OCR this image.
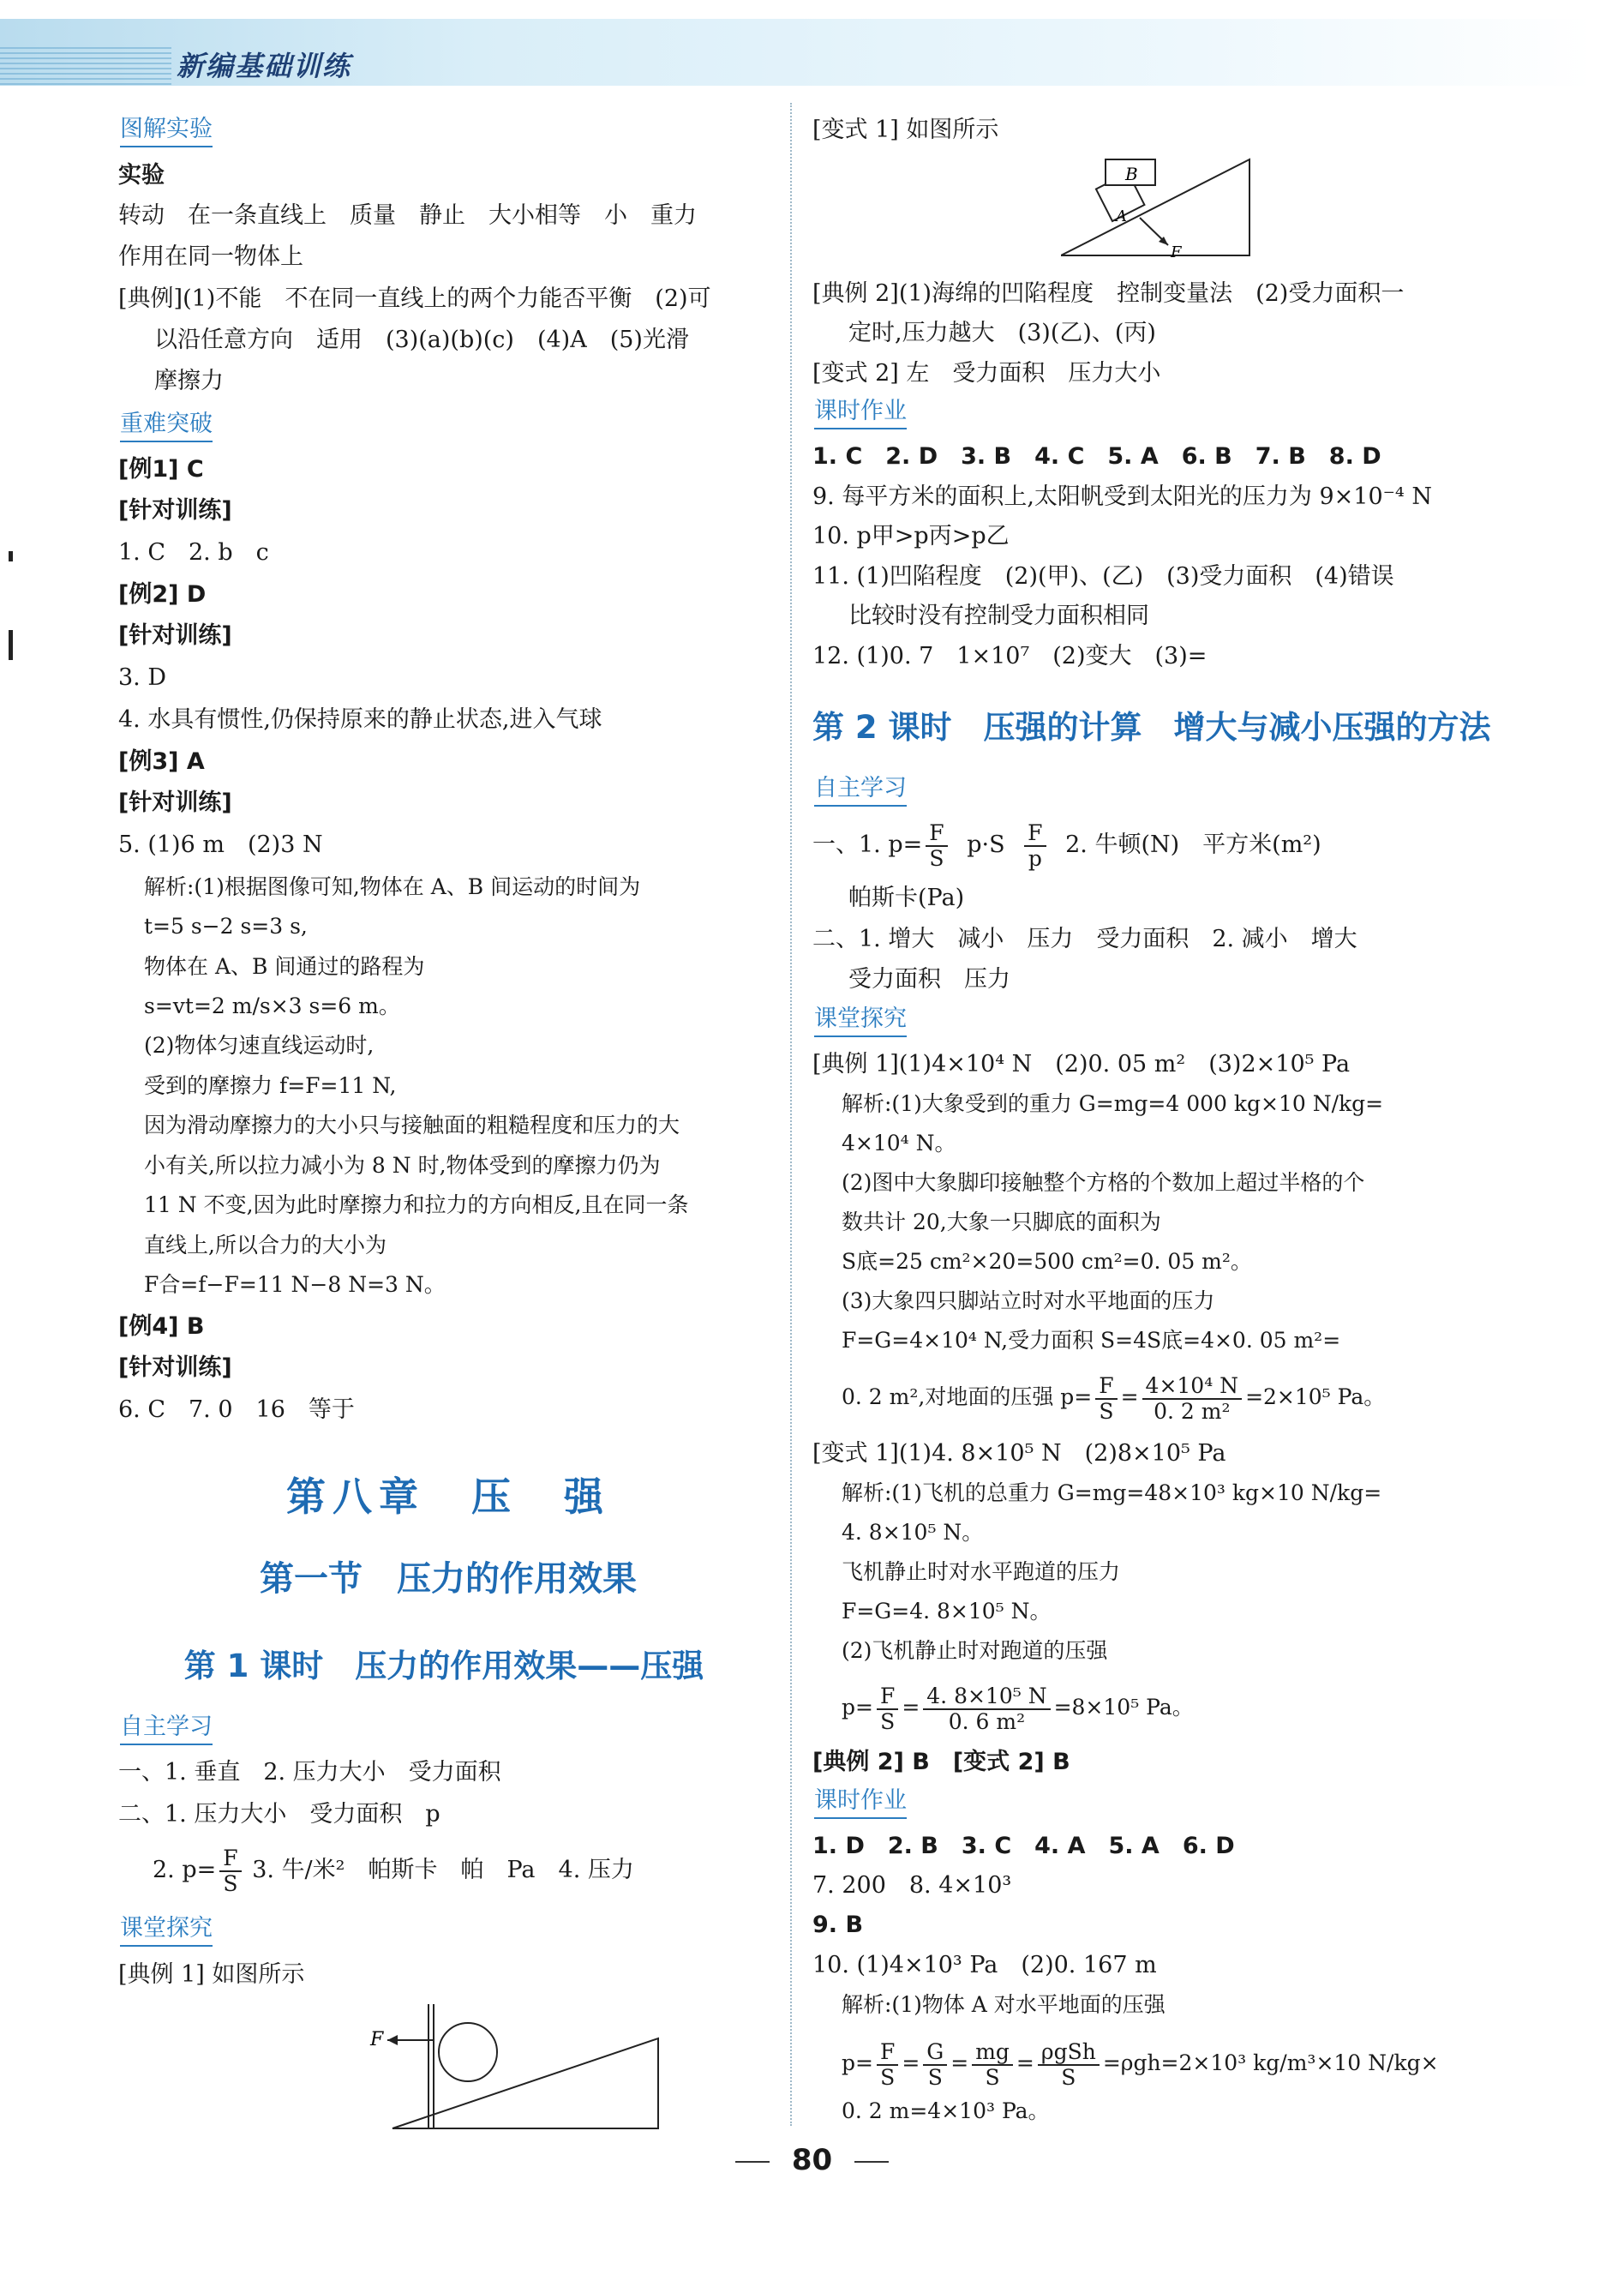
新编基础训练
图解实验
实验
转动　在一条直线上　质量　静止　大小相等　小　重力
作用在同一物体上
[典例](1)不能　不在同一直线上的两个力能否平衡　(2)可
以沿任意方向　适用　(3)(a)(b)(c)　(4)A　(5)光滑
摩擦力
重难突破
[例1] C
[针对训练]
1. C　2. b　c
[例2] D
[针对训练]
3. D
4. 水具有惯性,仍保持原来的静止状态,进入气球
[例3] A
[针对训练]
5. (1)6 m　(2)3 N
解析:(1)根据图像可知,物体在 A、B 间运动的时间为
t=5 s−2 s=3 s,
物体在 A、B 间通过的路程为
s=vt=2 m/s×3 s=6 m。
(2)物体匀速直线运动时,
受到的摩擦力 f=F=11 N,
因为滑动摩擦力的大小只与接触面的粗糙程度和压力的大
小有关,所以拉力减小为 8 N 时,物体受到的摩擦力仍为
11 N 不变,因为此时摩擦力和拉力的方向相反,且在同一条
直线上,所以合力的大小为
F合=f−F=11 N−8 N=3 N。
[例4] B
[针对训练]
6. C　7. 0　16　等于
第八章　压　强
第一节　压力的作用效果
第 1 课时　压力的作用效果——压强
自主学习
一、1. 垂直　2. 压力大小　受力面积
二、1. 压力大小　受力面积　p
2. $p= \frac{F}{S} 3$. 牛/米²　帕斯卡　帕　Pa　4. 压力
课堂探究
[典例 1] 如图所示
F
[变式 1] 如图所示
B
A
F
[典例 2](1)海绵的凹陷程度　控制变量法　(2)受力面积一
定时,压力越大　(3)(乙)、(丙)
[变式 2] 左　受力面积　压力大小
课时作业
1. C　2. D　3. B　4. C　5. A　6. B　7. B　8. D
9. 每平方米的面积上,太阳帆受到太阳光的压力为 9×10⁻⁴ N
10. p甲>p丙>p乙
11. (1)凹陷程度　(2)(甲)、(乙)　(3)受力面积　(4)错误
比较时没有控制受力面积相同
12. (1)0. 7　1×10⁷　(2)变大　(3)=
第 2 课时　压强的计算　增大与减小压强的方法
自主学习
一、1. $p= \frac{F}{S} p\cdot S \frac{F}{p} 2$. 牛顿(N)　平方米(m²)
帕斯卡(Pa)
二、1. 增大　减小　压力　受力面积　2. 减小　增大
受力面积　压力
课堂探究
[典例 1](1)4×10⁴ N　(2)0. 05 m²　(3)2×10⁵ Pa
解析:(1)大象受到的重力 G=mg=4 000 kg×10 N/kg=
4×10⁴ N。
(2)图中大象脚印接触整个方格的个数加上超过半格的个
数共计 20,大象一只脚底的面积为
S底=25 cm²×20=500 cm²=0. 05 m²。
(3)大象四只脚站立时对水平地面的压力
F=G=4×10⁴ N,受力面积 S=4S底=4×0. 05 m²=
0. 2 m²,对地面的压强 $p= \frac{F}{S} = \frac{\text{4×10⁴ N}}{\text{0. 2 m²}} =2\times 10^5$ Pa。
[变式 1](1)4. 8×10⁵ N　(2)8×10⁵ Pa
解析:(1)飞机的总重力 G=mg=48×10³ kg×10 N/kg=
4. 8×10⁵ N。
飞机静止时对水平跑道的压力
F=G=4. 8×10⁵ N。
(2)飞机静止时对跑道的压强
$p= \frac{F}{S} = \frac{\text{4. 8×10⁵ N}}{\text{0. 6 m²}} =8\times 10^5$ Pa。
[典例 2] B　[变式 2] B
课时作业
1. D　2. B　3. C　4. A　5. A　6. D
7. 200　8. 4×10³
9. B
10. (1)4×10³ Pa　(2)0. 167 m
解析:(1)物体 A 对水平地面的压强
$p= \frac{F}{S} = \frac{G}{S} = \frac{mg}{S} = \frac{\text{ρgSh}}{S} =\rho gh=2\times 10^3$ kg/m³×10 N/kg×
0. 2 m=4×10³ Pa。
80
